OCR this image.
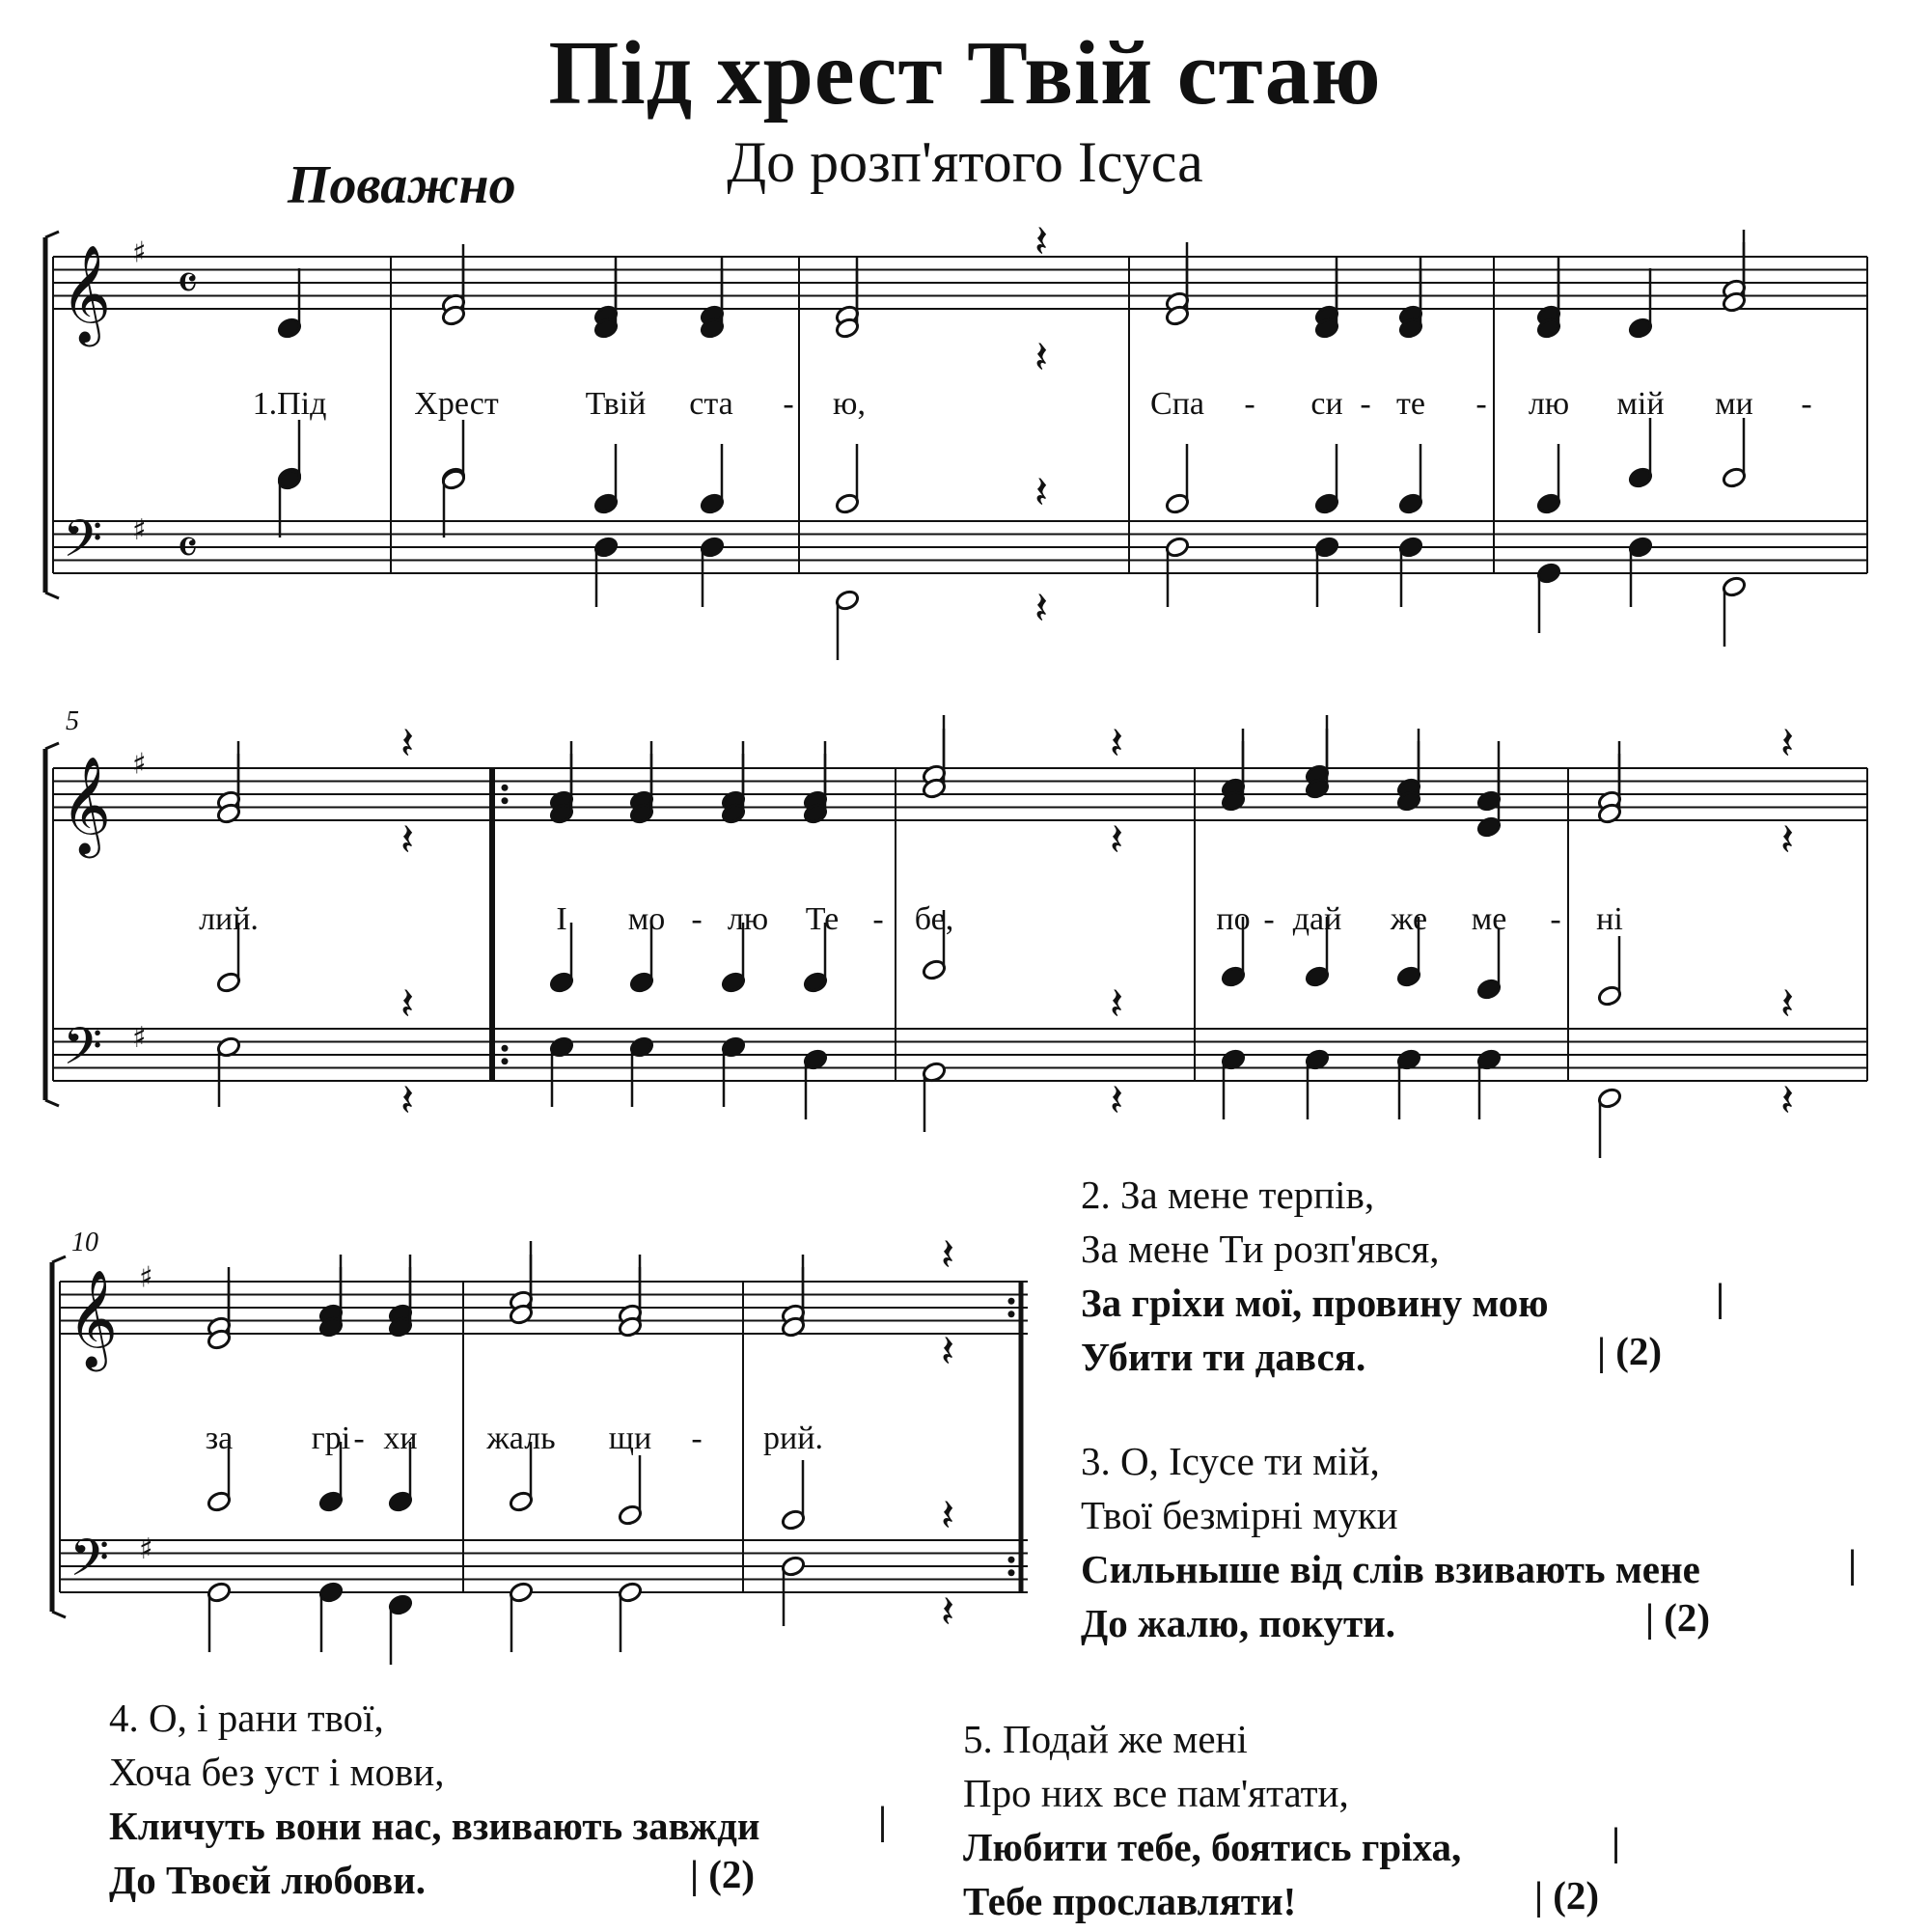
𝄞
𝄢
♯
♯
𝄴
𝄴
𝄽
𝄽
𝄽
𝄽
𝄞
𝄢
♯
♯
𝄽
𝄽
𝄽
𝄽
𝄽
𝄽
𝄽
𝄽
𝄽
𝄽
𝄽
𝄽
𝄞
𝄢
♯
♯
𝄽
𝄽
𝄽
𝄽
Під хрест Твій стаю
До розп'ятого Ісуса
Поважно
5
10
1.Під	Хрест	Твій ста - ю,	Спа - си - те - лю мій ми -
лий.	І мо - лю Те - бе,	по - дай же ме - ні
за грі - хи жаль щи - рий.
2. За мене терпів,
За мене Ти розп'явся,
За гріхи мої, провину мою
Убити ти дався.
|
| (2)
3. О, Ісусе ти мій,
Твої безмірні муки
Сильныше від слів взивають мене
До жалю, покути.
|
| (2)
4. О, і рани твої,
Хоча без уст і мови,
Кличуть вони нас, взивають завжди
До Твоєй любови.
|
| (2)
5. Подай же мені
Про них все пам'ятати,
Любити тебе, боятись гріха,
Тебе прославляти!
|
| (2)
